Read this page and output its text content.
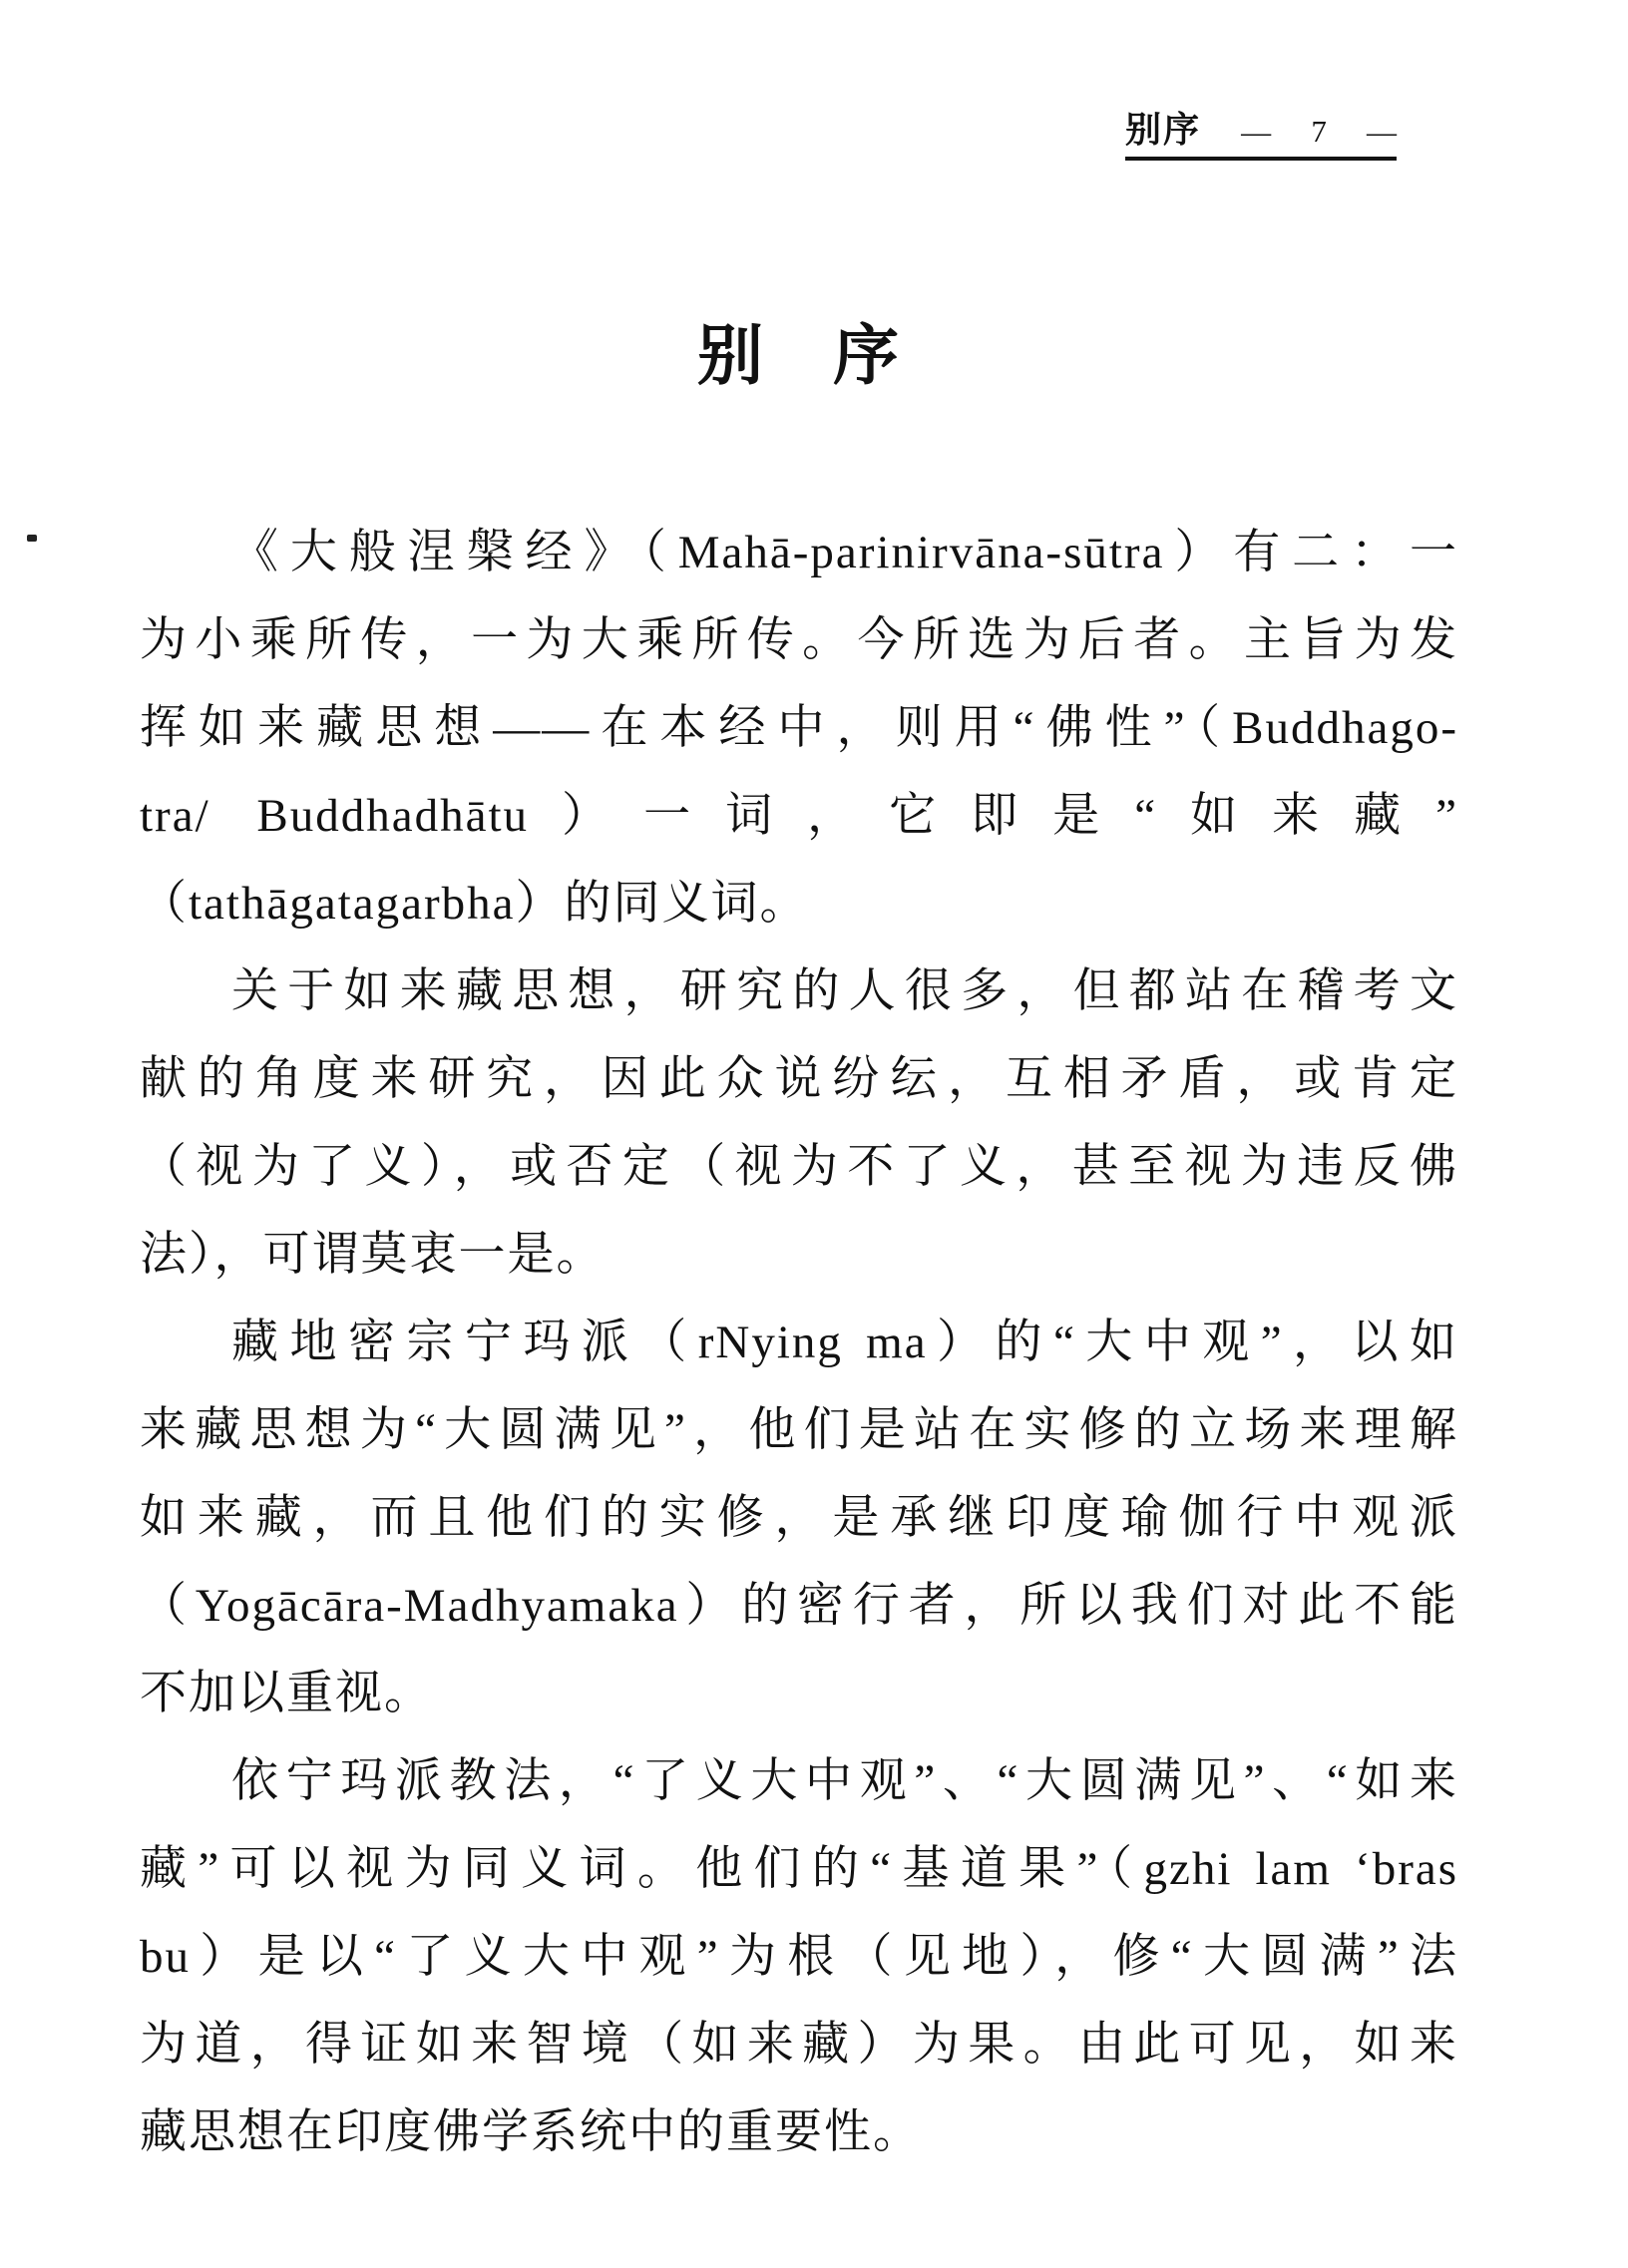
别序 — 7 —
别　序
《大般涅槃经》（Mahā-parinirvāna-sūtra）有二：一
为小乘所传，一为大乘所传。今所选为后者。主旨为发
挥如来藏思想——在本经中，则用“佛性”（Buddhago-
tra/ Buddhadhātu）一词，它即是“如来藏”
（tathāgatagarbha）的同义词。
关于如来藏思想，研究的人很多，但都站在稽考文
献的角度来研究，因此众说纷纭，互相矛盾，或肯定
（视为了义），或否定（视为不了义，甚至视为违反佛
法），可谓莫衷一是。
藏地密宗宁玛派（rNying ma）的“大中观”，以如
来藏思想为“大圆满见”，他们是站在实修的立场来理解
如来藏，而且他们的实修，是承继印度瑜伽行中观派
（Yogācāra-Madhyamaka）的密行者，所以我们对此不能
不加以重视。
依宁玛派教法，“了义大中观”、“大圆满见”、“如来
藏”可以视为同义词。他们的“基道果”（gzhi lam ‘bras
bu）是以“了义大中观”为根（见地），修“大圆满”法
为道，得证如来智境（如来藏）为果。由此可见，如来
藏思想在印度佛学系统中的重要性。
